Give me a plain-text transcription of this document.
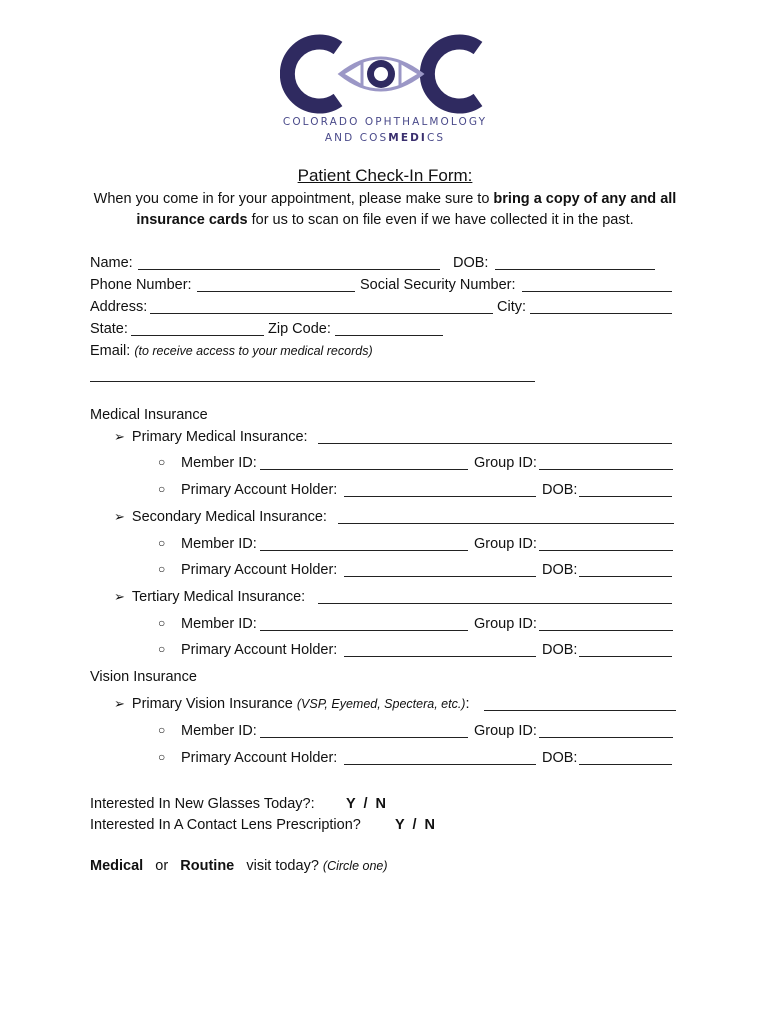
COLORADO OPHTHALMOLOGY
AND COSMEDICS
Patient Check-In Form:
When you come in for your appointment, please make sure to bring a copy of any and all insurance cards for us to scan on file even if we have collected it in the past.
Name:	DOB:
Phone Number:	Social Security Number:
Address:	City:
State:	Zip Code:
Email: (to receive access to your medical records)
Medical Insurance
➢ Primary Medical Insurance:
○ Member ID:	Group ID:
○ Primary Account Holder:	DOB:
➢ Secondary Medical Insurance:
○ Member ID:	Group ID:
○ Primary Account Holder:	DOB:
➢ Tertiary Medical Insurance:
○ Member ID:	Group ID:
○ Primary Account Holder:	DOB:
Vision Insurance
➢ Primary Vision Insurance (VSP, Eyemed, Spectera, etc.):
○ Member ID:	Group ID:
○ Primary Account Holder:	DOB:
Interested In New Glasses Today?: Y  /  N
Interested In A Contact Lens Prescription? Y  /  N
Medical or Routine visit today? (Circle one)
